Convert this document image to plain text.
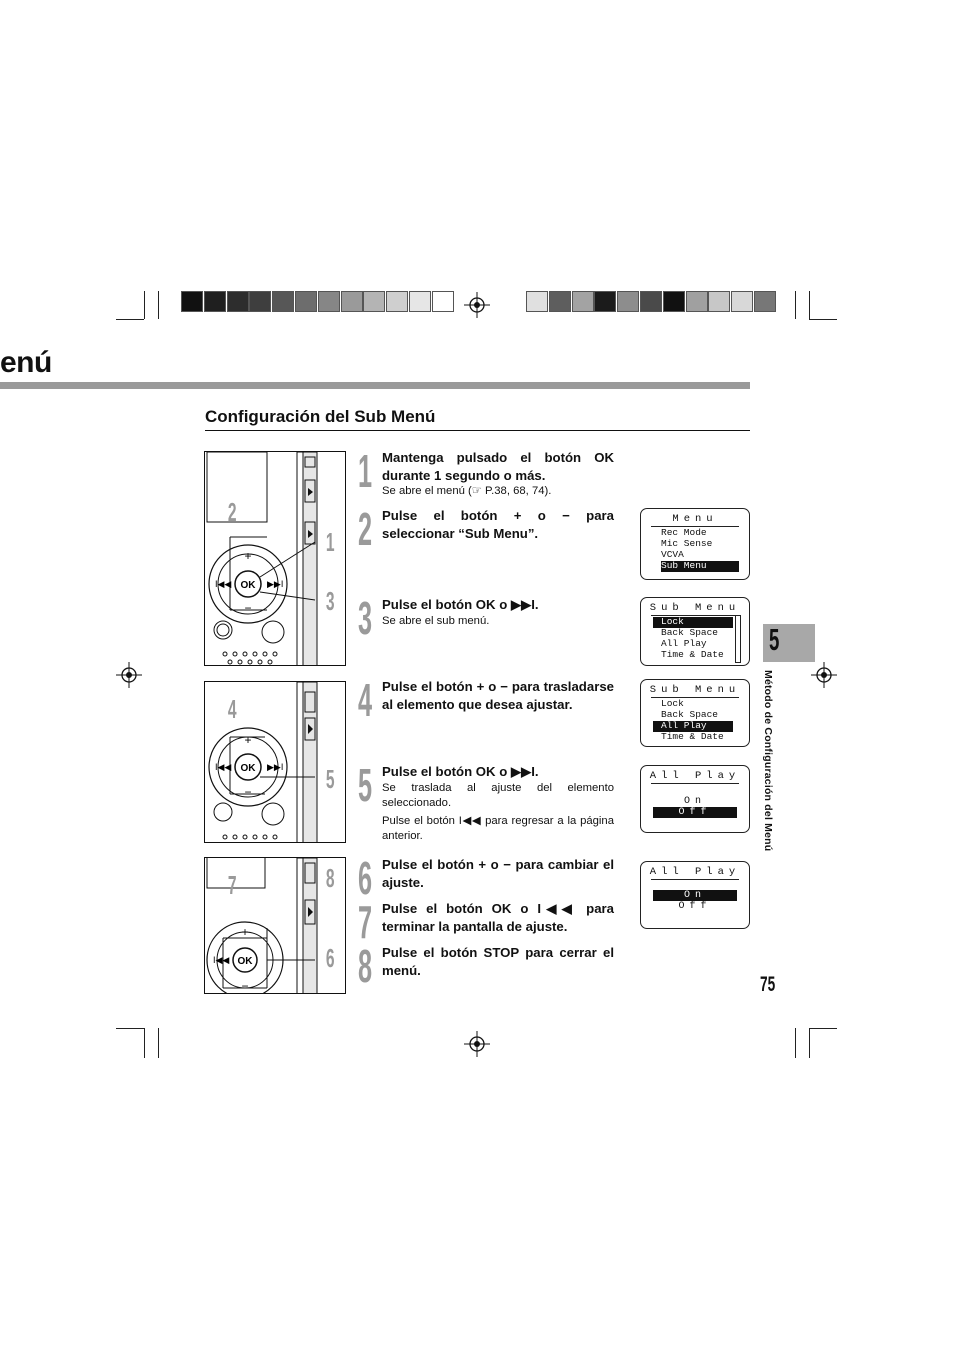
enú
Configuración del Sub Menú
OK
+
−
I◀◀	▶▶I
2
1
3
OK
+
−
I◀◀	▶▶I
4
5
OK
+
−
I◀◀
7	8
6
1 Mantenga pulsado el botón OK durante 1 segundo o más.
Se abre el menú (☞ P.38, 68, 74).
2 Pulse el botón + o − para seleccionar “Sub Menu”.
3 Pulse el botón OK o ▶▶I.
Se abre el sub menú.
4 Pulse el botón + o − para trasladarse al elemento que desea ajustar.
5 Pulse el botón OK o ▶▶I.
Se traslada al ajuste del elemento seleccionado.
Pulse el botón I◀◀ para regresar a la página anterior.
6 Pulse el botón + o − para cambiar el ajuste.
7 Pulse el botón OK o I◀◀ para terminar la pantalla de ajuste.
8 Pulse el botón STOP para cerrar el menú.
Menu
Rec Mode
Mic Sense
VCVA
Sub Menu
Sub Menu
Lock
Back Space
All Play
Time & Date
Sub Menu
Lock
Back Space
All Play
Time & Date
All Play
On
Off
All Play
On
Off
5
Método de Configuración del Menú
75
